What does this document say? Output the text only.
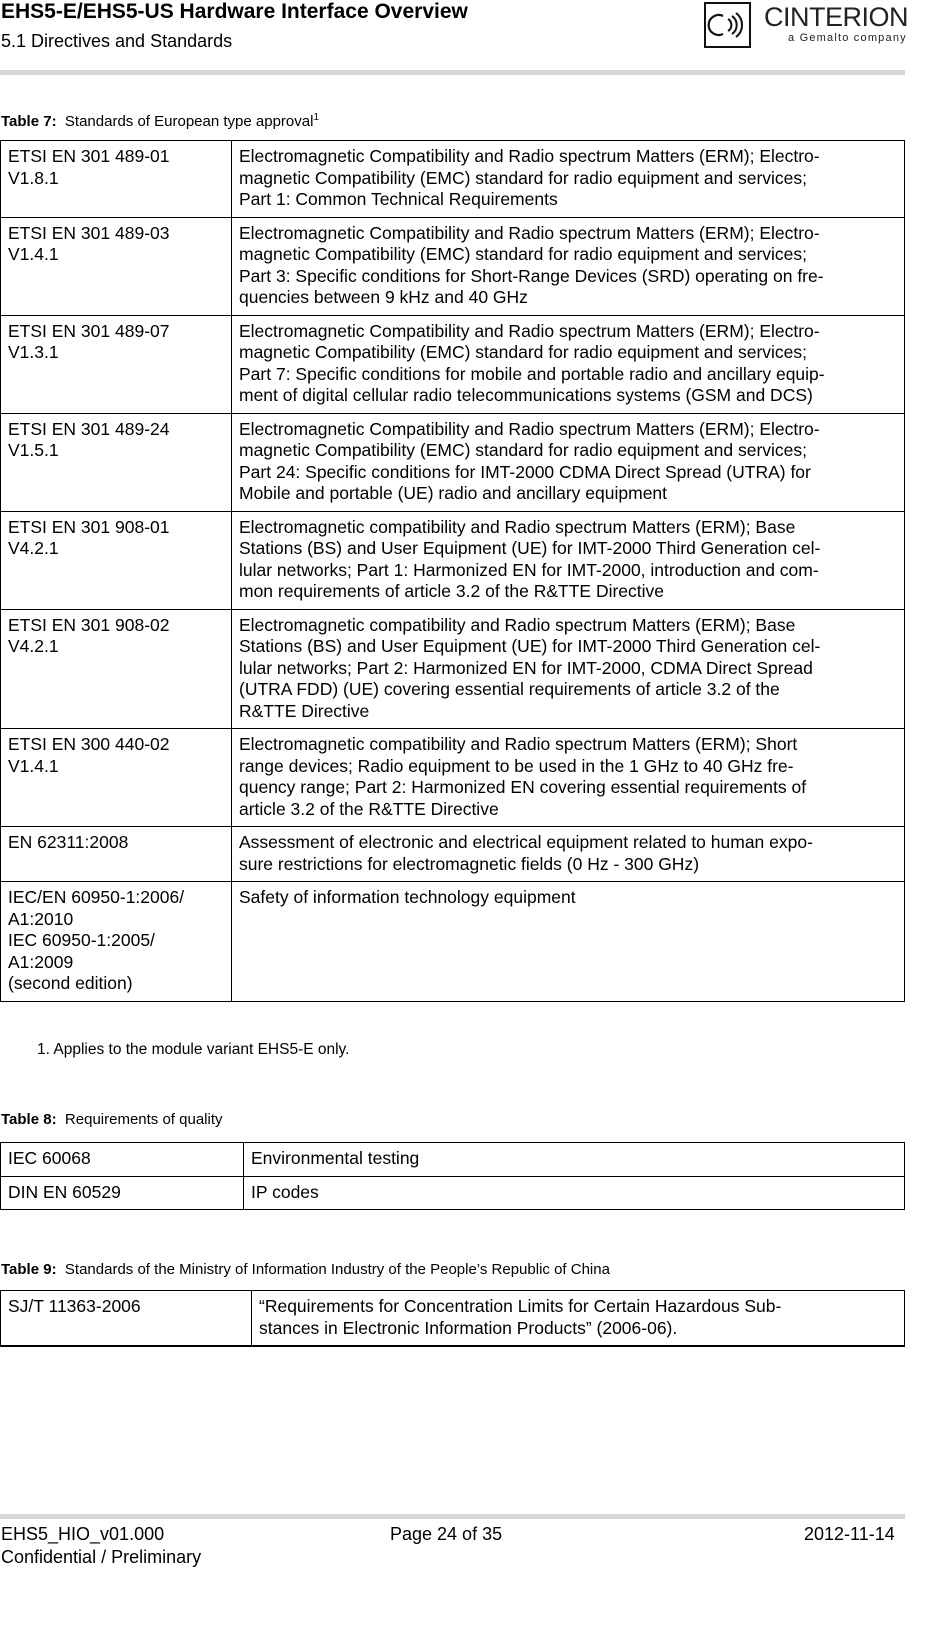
EHS5-E/EHS5-US Hardware Interface Overview
5.1 Directives and Standards
CINTERION
a Gemalto company
Table 7: Standards of European type approval$^1$
ETSI EN 301 489-01
V1.8.1	Electromagnetic Compatibility and Radio spectrum Matters (ERM); Electro-
magnetic Compatibility (EMC) standard for radio equipment and services;
Part 1: Common Technical Requirements
ETSI EN 301 489-03
V1.4.1	Electromagnetic Compatibility and Radio spectrum Matters (ERM); Electro-
magnetic Compatibility (EMC) standard for radio equipment and services;
Part 3: Specific conditions for Short-Range Devices (SRD) operating on fre-
quencies between 9 kHz and 40 GHz
ETSI EN 301 489-07
V1.3.1	Electromagnetic Compatibility and Radio spectrum Matters (ERM); Electro-
magnetic Compatibility (EMC) standard for radio equipment and services;
Part 7: Specific conditions for mobile and portable radio and ancillary equip-
ment of digital cellular radio telecommunications systems (GSM and DCS)
ETSI EN 301 489-24
V1.5.1	Electromagnetic Compatibility and Radio spectrum Matters (ERM); Electro-
magnetic Compatibility (EMC) standard for radio equipment and services;
Part 24: Specific conditions for IMT-2000 CDMA Direct Spread (UTRA) for
Mobile and portable (UE) radio and ancillary equipment
ETSI EN 301 908-01
V4.2.1	Electromagnetic compatibility and Radio spectrum Matters (ERM); Base
Stations (BS) and User Equipment (UE) for IMT-2000 Third Generation cel-
lular networks; Part 1: Harmonized EN for IMT-2000, introduction and com-
mon requirements of article 3.2 of the R&TTE Directive
ETSI EN 301 908-02
V4.2.1	Electromagnetic compatibility and Radio spectrum Matters (ERM); Base
Stations (BS) and User Equipment (UE) for IMT-2000 Third Generation cel-
lular networks; Part 2: Harmonized EN for IMT-2000, CDMA Direct Spread
(UTRA FDD) (UE) covering essential requirements of article 3.2 of the
R&TTE Directive
ETSI EN 300 440-02
V1.4.1	Electromagnetic compatibility and Radio spectrum Matters (ERM); Short
range devices; Radio equipment to be used in the 1 GHz to 40 GHz fre-
quency range; Part 2: Harmonized EN covering essential requirements of
article 3.2 of the R&TTE Directive
EN 62311:2008	Assessment of electronic and electrical equipment related to human expo-
sure restrictions for electromagnetic fields (0 Hz - 300 GHz)
IEC/EN 60950-1:2006/
A1:2010
IEC 60950-1:2005/
A1:2009
(second edition)	Safety of information technology equipment
1. Applies to the module variant EHS5-E only.
Table 8: Requirements of quality
IEC 60068	Environmental testing
DIN EN 60529	IP codes
Table 9: Standards of the Ministry of Information Industry of the People’s Republic of China
SJ/T 11363-2006	“Requirements for Concentration Limits for Certain Hazardous Sub-
stances in Electronic Information Products” (2006-06).
EHS5_HIO_v01.000
Confidential / Preliminary
Page 24 of 35	2012-11-14
